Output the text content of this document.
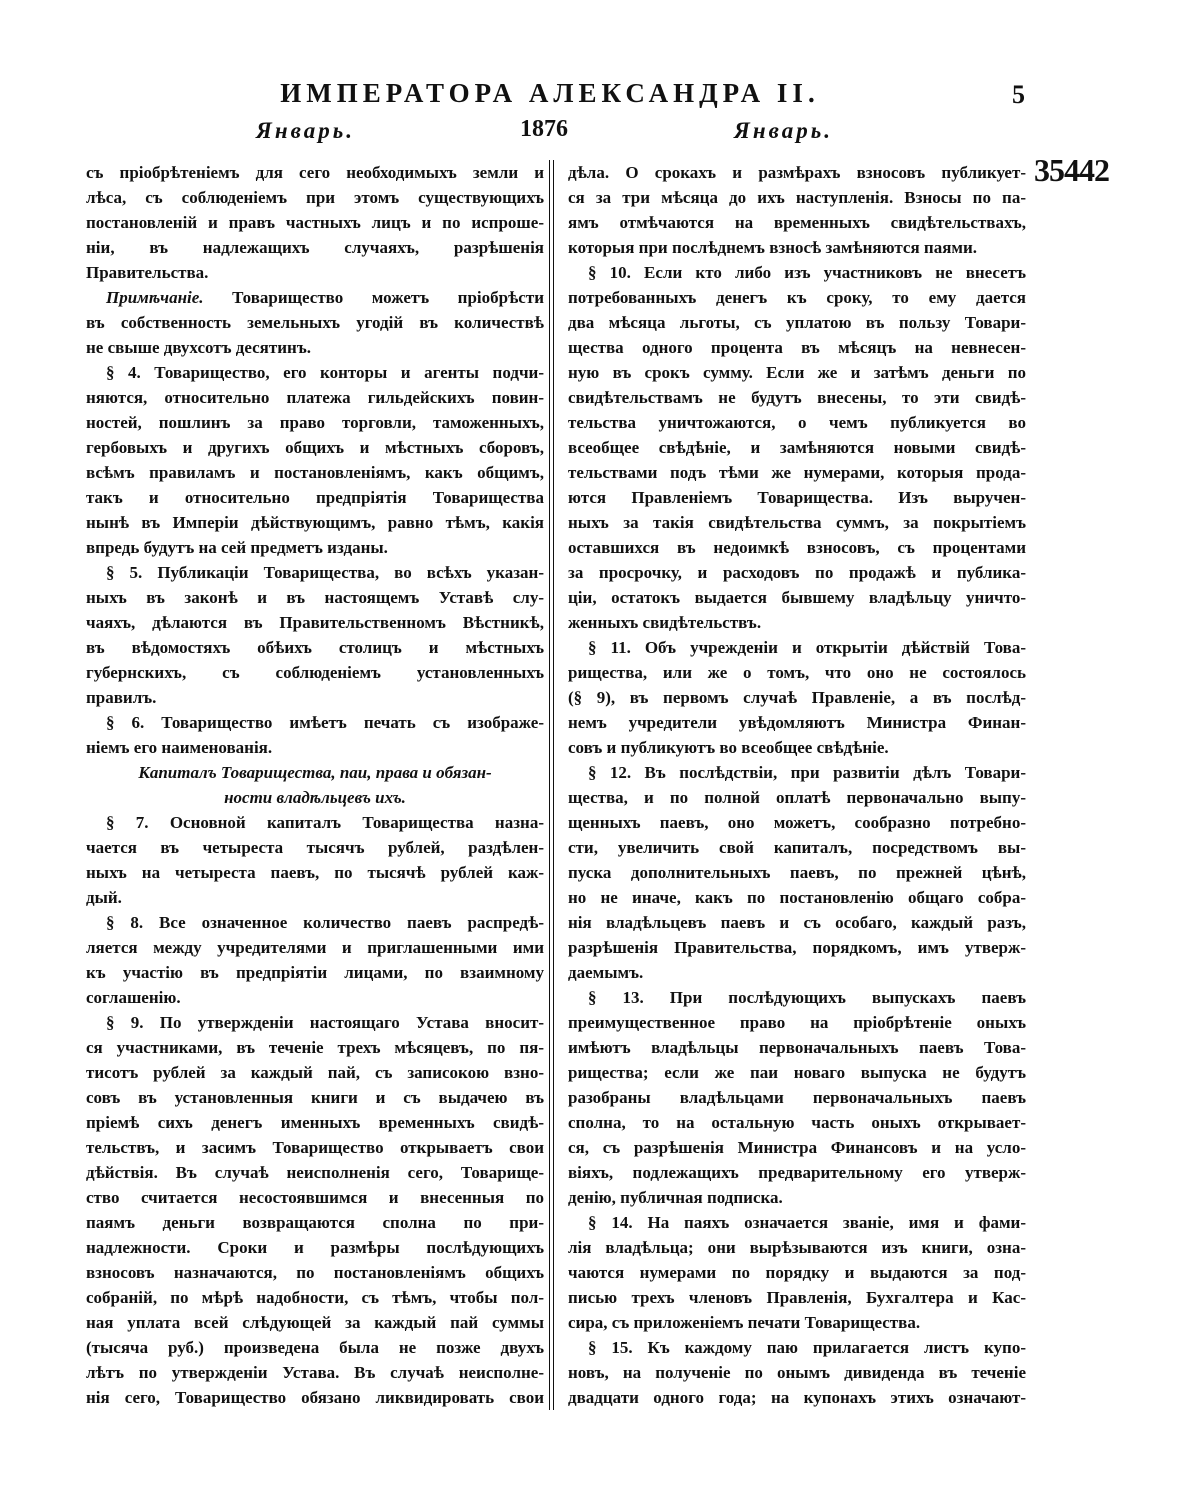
ИМПЕРАТОРА АЛЕКСАНДРА II.	5
Январь.	1876	Январь.
35442
съ пріобрѣтеніемъ для сего необходимыхъ земли и
лѣса, съ соблюденіемъ при этомъ существующихъ
постановленій и правъ частныхъ лицъ и по испроше-
ніи, въ надлежащихъ случаяхъ, разрѣшенія
Правительства.
Примѣчаніе. Товарищество можетъ пріобрѣсти
въ собственность земельныхъ угодій въ количествѣ
не свыше двухсотъ десятинъ.
§ 4. Товарищество, его конторы и агенты подчи-
няются, относительно платежа гильдейскихъ повин-
ностей, пошлинъ за право торговли, таможенныхъ,
гербовыхъ и другихъ общихъ и мѣстныхъ сборовъ,
всѣмъ правиламъ и постановленіямъ, какъ общимъ,
такъ и относительно предпріятія Товарищества
нынѣ въ Имперіи дѣйствующимъ, равно тѣмъ, какія
впредь будутъ на сей предметъ изданы.
§ 5. Публикаціи Товарищества, во всѣхъ указан-
ныхъ въ законѣ и въ настоящемъ Уставѣ слу-
чаяхъ, дѣлаются въ Правительственномъ Вѣстникѣ,
въ вѣдомостяхъ обѣихъ столицъ и мѣстныхъ
губернскихъ, съ соблюденіемъ установленныхъ
правилъ.
§ 6. Товарищество имѣетъ печать съ изображе-
ніемъ его наименованія.
Капиталъ Товарищества, паи, права и обязан-
ности владѣльцевъ ихъ.
§ 7. Основной капиталъ Товарищества назна-
чается въ четыреста тысячъ рублей, раздѣлен-
ныхъ на четыреста паевъ, по тысячѣ рублей каж-
дый.
§ 8. Все означенное количество паевъ распредѣ-
ляется между учредителями и приглашенными ими
къ участію въ предпріятіи лицами, по взаимному
соглашенію.
§ 9. По утвержденіи настоящаго Устава вносит-
ся участниками, въ теченіе трехъ мѣсяцевъ, по пя-
тисотъ рублей за каждый пай, съ записокою взно-
совъ въ установленныя книги и съ выдачею въ
пріемѣ сихъ денегъ именныхъ временныхъ свидѣ-
тельствъ, и засимъ Товарищество открываетъ свои
дѣйствія. Въ случаѣ неисполненія сего, Товарище-
ство считается несостоявшимся и внесенныя по
паямъ деньги возвращаются сполна по при-
надлежности. Сроки и размѣры послѣдующихъ
взносовъ назначаются, по постановленіямъ общихъ
собраній, по мѣрѣ надобности, съ тѣмъ, чтобы пол-
ная уплата всей слѣдующей за каждый пай суммы
(тысяча руб.) произведена была не позже двухъ
лѣтъ по утвержденіи Устава. Въ случаѣ неисполне-
нія сего, Товарищество обязано ликвидировать свои
дѣла. О срокахъ и размѣрахъ взносовъ публикует-
ся за три мѣсяца до ихъ наступленія. Взносы по па-
ямъ отмѣчаются на временныхъ свидѣтельствахъ,
которыя при послѣднемъ взносѣ замѣняются паями.
§ 10. Если кто либо изъ участниковъ не внесетъ
потребованныхъ денегъ къ сроку, то ему дается
два мѣсяца льготы, съ уплатою въ пользу Товари-
щества одного процента въ мѣсяцъ на невнесен-
ную въ срокъ сумму. Если же и затѣмъ деньги по
свидѣтельствамъ не будутъ внесены, то эти свидѣ-
тельства уничтожаются, о чемъ публикуется во
всеобщее свѣдѣніе, и замѣняются новыми свидѣ-
тельствами подъ тѣми же нумерами, которыя прода-
ются Правленіемъ Товарищества. Изъ выручен-
ныхъ за такія свидѣтельства суммъ, за покрытіемъ
оставшихся въ недоимкѣ взносовъ, съ процентами
за просрочку, и расходовъ по продажѣ и публика-
ціи, остатокъ выдается бывшему владѣльцу уничто-
женныхъ свидѣтельствъ.
§ 11. Объ учрежденіи и открытіи дѣйствій Това-
рищества, или же о томъ, что оно не состоялось
(§ 9), въ первомъ случаѣ Правленіе, а въ послѣд-
немъ учредители увѣдомляютъ Министра Финан-
совъ и публикуютъ во всеобщее свѣдѣніе.
§ 12. Въ послѣдствіи, при развитіи дѣлъ Товари-
щества, и по полной оплатѣ первоначально выпу-
щенныхъ паевъ, оно можетъ, сообразно потребно-
сти, увеличить свой капиталъ, посредствомъ вы-
пуска дополнительныхъ паевъ, по прежней цѣнѣ,
но не иначе, какъ по постановленію общаго собра-
нія владѣльцевъ паевъ и съ особаго, каждый разъ,
разрѣшенія Правительства, порядкомъ, имъ утверж-
даемымъ.
§ 13. При послѣдующихъ выпускахъ паевъ
преимущественное право на пріобрѣтеніе оныхъ
имѣютъ владѣльцы первоначальныхъ паевъ Това-
рищества; если же паи новаго выпуска не будутъ
разобраны владѣльцами первоначальныхъ паевъ
сполна, то на остальную часть оныхъ открывает-
ся, съ разрѣшенія Министра Финансовъ и на усло-
віяхъ, подлежащихъ предварительному его утверж-
денію, публичная подписка.
§ 14. На паяхъ означается званіе, имя и фами-
лія владѣльца; они вырѣзываются изъ книги, озна-
чаются нумерами по порядку и выдаются за под-
писью трехъ членовъ Правленія, Бухгалтера и Кас-
сира, съ приложеніемъ печати Товарищества.
§ 15. Къ каждому паю прилагается листъ купо-
новъ, на полученіе по онымъ дивиденда въ теченіе
двадцати одного года; на купонахъ этихъ означают-
